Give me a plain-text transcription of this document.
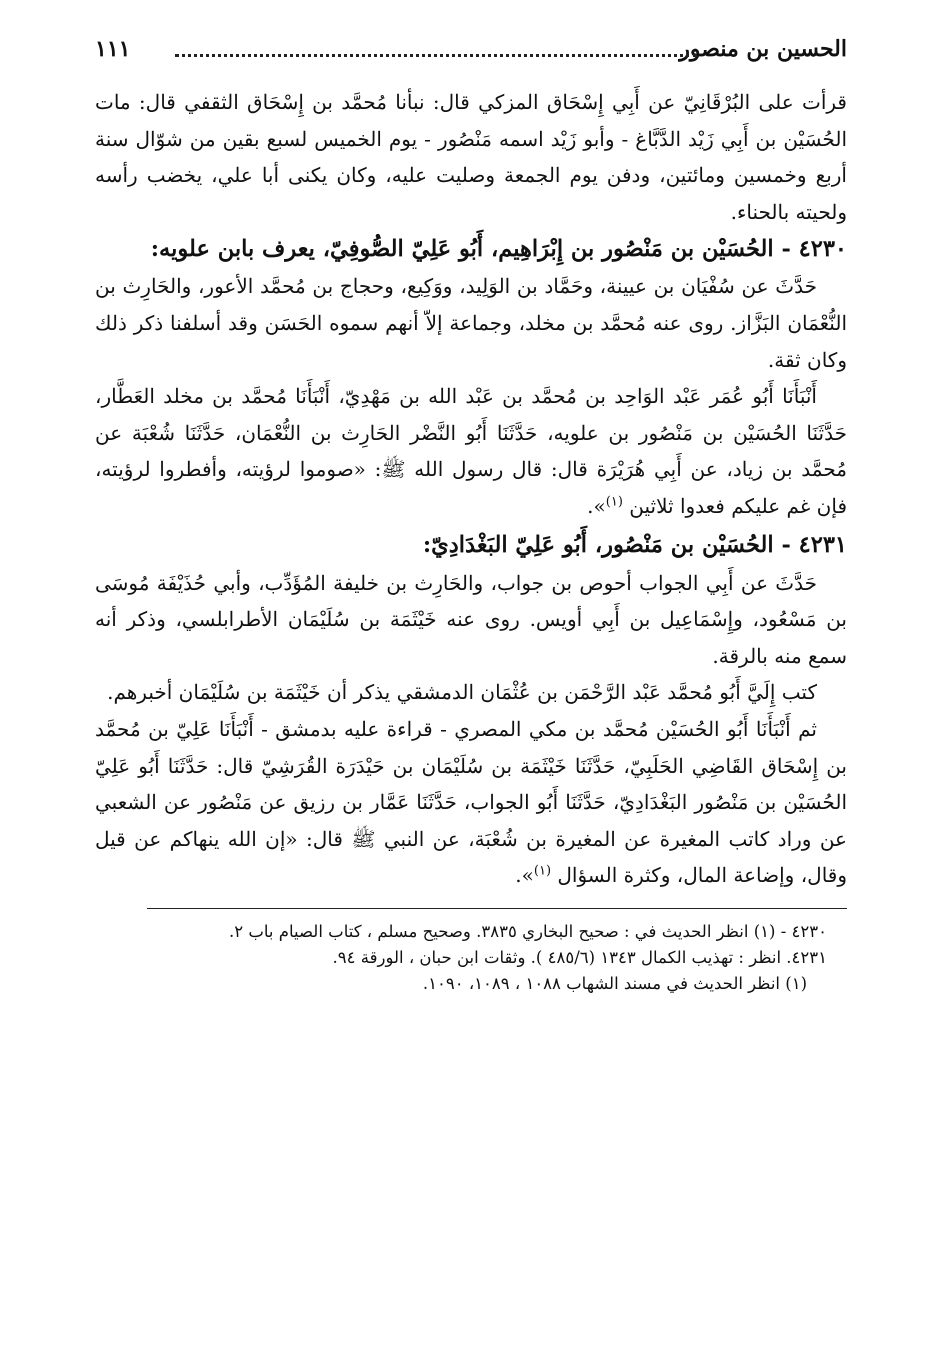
الحسين بن منصور
١١١

قرأت على البُرْقَانِيّ عن أَبِي إِسْحَاق المزكي قال: نبأنا مُحمَّد بن إِسْحَاق الثقفي قال: مات الحُسَيْن بن أَبِي زَيْد الدَّبَّاغ - وأبو زَيْد اسمه مَنْصُور - يوم الخميس لسبع بقين من شوّال سنة أربع وخمسين ومائتين، ودفن يوم الجمعة وصليت عليه، وكان يكنى أبا علي، يخضب رأسه ولحيته بالحناء.

٤٢٣٠ - الحُسَيْن بن مَنْصُور بن إِبْرَاهِيم، أَبُو عَلِيّ الصُّوفِيّ، يعرف بابن علويه:

حَدَّثَ عن سُفْيَان بن عيينة، وحَمَّاد بن الوَلِيد، ووَكِيع، وحجاج بن مُحمَّد الأعور، والحَارِث بن النُّعْمَان البَزَّاز. روى عنه مُحمَّد بن مخلد، وجماعة إلاّ أنهم سموه الحَسَن وقد أسلفنا ذكر ذلك وكان ثقة.

أَنْبَأَنَا أَبُو عُمَر عَبْد الوَاحِد بن مُحمَّد بن عَبْد الله بن مَهْدِيّ، أَنْبَأَنَا مُحمَّد بن مخلد العَطَّار، حَدَّثَنَا الحُسَيْن بن مَنْصُور بن علويه، حَدَّثَنَا أَبُو النَّضْر الحَارِث بن النُّعْمَان، حَدَّثَنَا شُعْبَة عن مُحمَّد بن زياد، عن أَبِي هُرَيْرَة قال: قال رسول الله ﷺ: «صوموا لرؤيته، وأفطروا لرؤيته، فإن غم عليكم فعدوا ثلاثين $^{(١)}$».

٤٢٣١ - الحُسَيْن بن مَنْصُور، أَبُو عَلِيّ البَغْدَادِيّ:

حَدَّثَ عن أَبِي الجواب أحوص بن جواب، والحَارِث بن خليفة المُؤَدِّب، وأبي حُذَيْفَة مُوسَى بن مَسْعُود، وإِسْمَاعِيل بن أَبِي أويس. روى عنه خَيْثَمَة بن سُلَيْمَان الأطرابلسي، وذكر أنه سمع منه بالرقة.

كتب إِلَيَّ أَبُو مُحمَّد عَبْد الرَّحْمَن بن عُثْمَان الدمشقي يذكر أن خَيْثَمَة بن سُلَيْمَان أخبرهم.

ثم أَنْبَأَنَا أَبُو الحُسَيْن مُحمَّد بن مكي المصري - قراءة عليه بدمشق - أَنْبَأَنَا عَلِيّ بن مُحمَّد بن إِسْحَاق القَاضِي الحَلَبِيّ، حَدَّثَنَا خَيْثَمَة بن سُلَيْمَان بن حَيْدَرَة القُرَشِيّ قال: حَدَّثَنَا أَبُو عَلِيّ الحُسَيْن بن مَنْصُور البَغْدَادِيّ، حَدَّثَنَا أَبُو الجواب، حَدَّثَنَا عَمَّار بن رزيق عن مَنْصُور عن الشعبي عن وراد كاتب المغيرة عن المغيرة بن شُعْبَة، عن النبي ﷺ قال: «إن الله ينهاكم عن قيل وقال، وإضاعة المال، وكثرة السؤال $^{(١)}$».

٤٢٣٠ - (١) انظر الحديث في : صحيح البخاري ٣٨٣٥. وصحيح مسلم ، كتاب الصيام باب ٢.

٤٢٣١. انظر : تهذيب الكمال ١٣٤٣ (٤٨٥/٦ ). وثقات ابن حبان ، الورقة ٩٤.

(١) انظر الحديث في مسند الشهاب ١٠٨٨ ، ١٠٨٩، ١٠٩٠.
